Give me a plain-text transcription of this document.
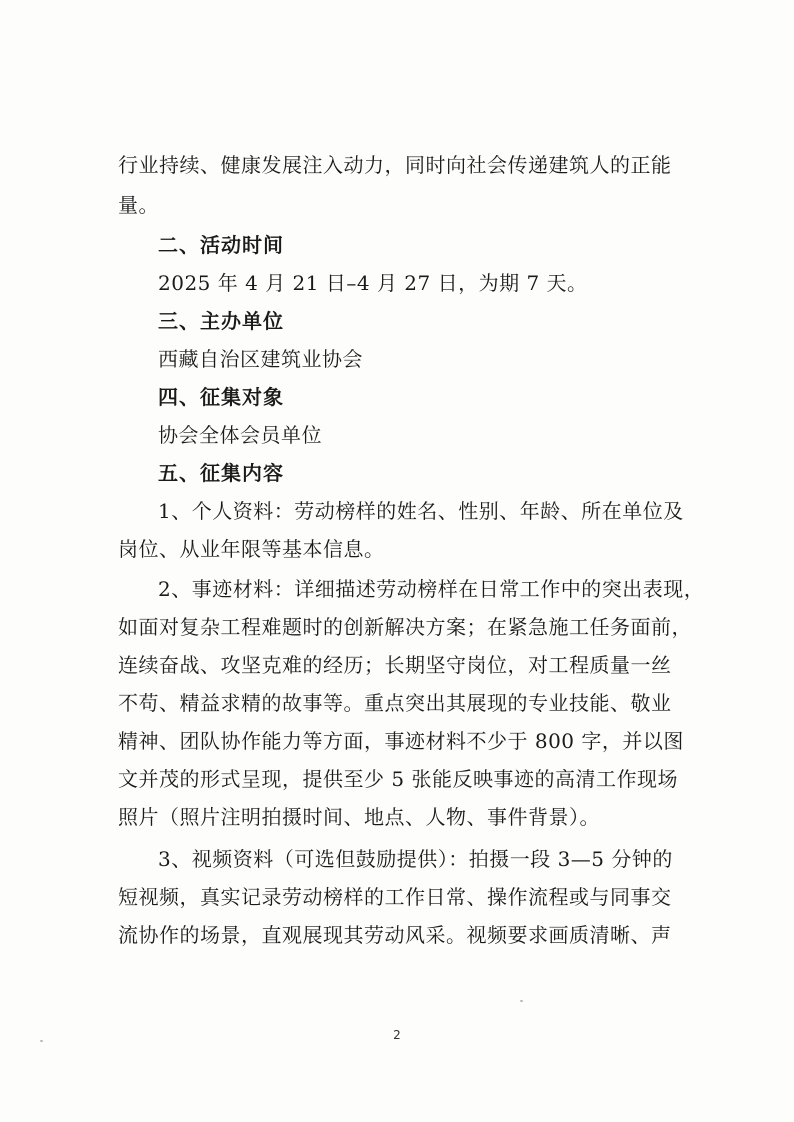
行业持续、健康发展注入动力，同时向社会传递建筑人的正能
量。
二、活动时间
2025 年 4 月 21 日–4 月 27 日，为期 7 天。
三、主办单位
西藏自治区建筑业协会
四、征集对象
协会全体会员单位
五、征集内容
1、个人资料：劳动榜样的姓名、性别、年龄、所在单位及
岗位、从业年限等基本信息。
2、事迹材料：详细描述劳动榜样在日常工作中的突出表现，
如面对复杂工程难题时的创新解决方案；在紧急施工任务面前，
连续奋战、攻坚克难的经历；长期坚守岗位，对工程质量一丝
不苟、精益求精的故事等。重点突出其展现的专业技能、敬业
精神、团队协作能力等方面，事迹材料不少于 800 字，并以图
文并茂的形式呈现，提供至少 5 张能反映事迹的高清工作现场
照片（照片注明拍摄时间、地点、人物、事件背景）。
3、视频资料（可选但鼓励提供）：拍摄一段 3—5 分钟的
短视频，真实记录劳动榜样的工作日常、操作流程或与同事交
流协作的场景，直观展现其劳动风采。视频要求画质清晰、声
2
